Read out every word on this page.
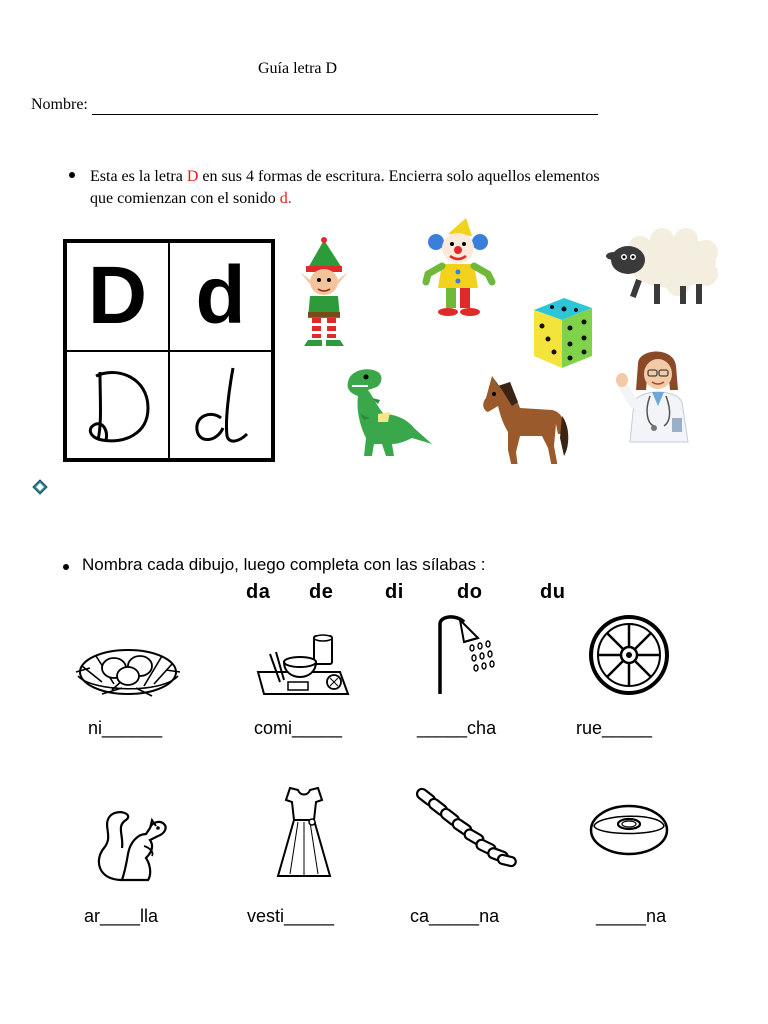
Guía letra D
Nombre:
Esta es la letra D en sus 4 formas de escritura. Encierra solo aquellos elementos que comienzan con el sonido d.
D d
Nombra cada dibujo, luego completa con las sílabas :
da de	di	do	du
ni______	comi_____	_____cha	rue_____
ar____lla	vesti_____	ca_____na	_____na
